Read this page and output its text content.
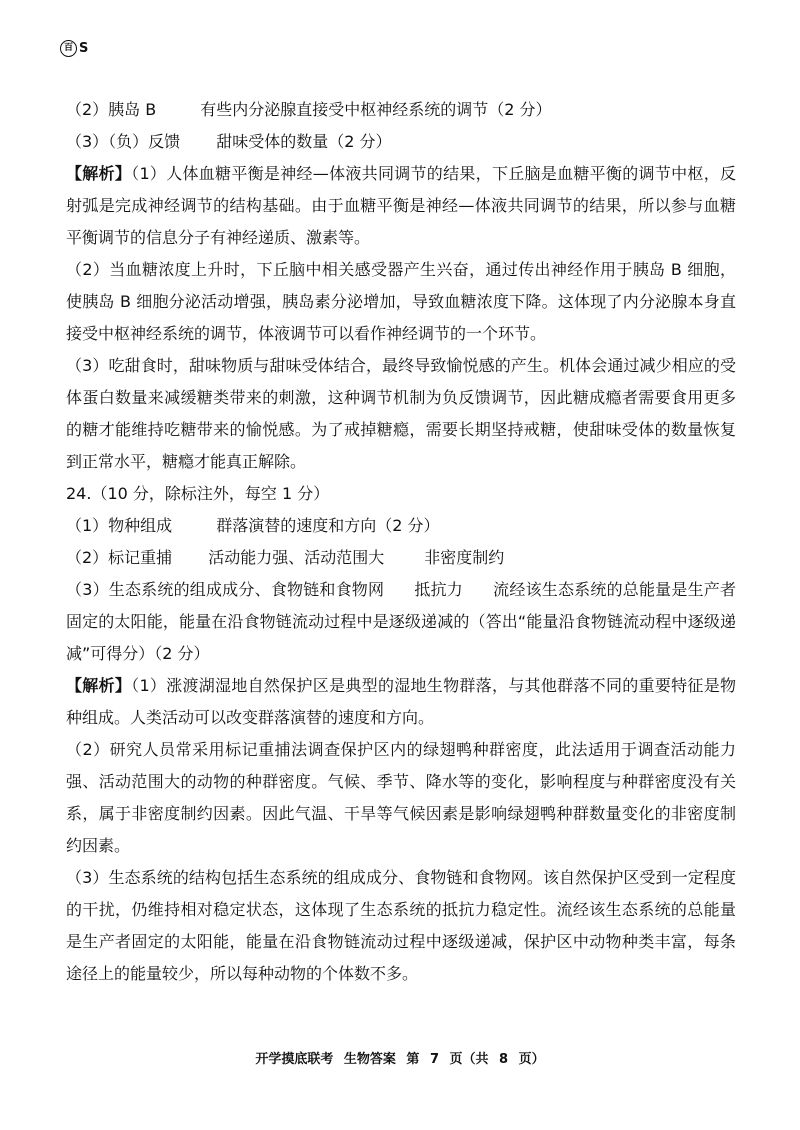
百 S

（2）胰岛 B	有些内分泌腺直接受中枢神经系统的调节（2 分）

（3）（负）反馈 甜味受体的数量（2 分）

【解析】（1）人体血糖平衡是神经—体液共同调节的结果，下丘脑是血糖平衡的调节中枢，反射弧是完成神经调节的结构基础。由于血糖平衡是神经—体液共同调节的结果，所以参与血糖平衡调节的信息分子有神经递质、激素等。

（2）当血糖浓度上升时，下丘脑中相关感受器产生兴奋，通过传出神经作用于胰岛 B 细胞，使胰岛 B 细胞分泌活动增强，胰岛素分泌增加，导致血糖浓度下降。这体现了内分泌腺本身直接受中枢神经系统的调节，体液调节可以看作神经调节的一个环节。

（3）吃甜食时，甜味物质与甜味受体结合，最终导致愉悦感的产生。机体会通过减少相应的受体蛋白数量来减缓糖类带来的刺激，这种调节机制为负反馈调节，因此糖成瘾者需要食用更多的糖才能维持吃糖带来的愉悦感。为了戒掉糖瘾，需要长期坚持戒糖，使甜味受体的数量恢复到正常水平，糖瘾才能真正解除。

24.（10 分，除标注外，每空 1 分）

（1）物种组成	群落演替的速度和方向（2 分）

（2）标记重捕 活动能力强、活动范围大	非密度制约

（3）生态系统的组成成分、食物链和食物网 抵抗力 流经该生态系统的总能量是生产者固定的太阳能，能量在沿食物链流动过程中是逐级递减的（答出“能量沿食物链流动程中逐级递减”可得分）（2 分）

【解析】（1）涨渡湖湿地自然保护区是典型的湿地生物群落，与其他群落不同的重要特征是物种组成。人类活动可以改变群落演替的速度和方向。

（2）研究人员常采用标记重捕法调查保护区内的绿翅鸭种群密度，此法适用于调查活动能力强、活动范围大的动物的种群密度。气候、季节、降水等的变化，影响程度与种群密度没有关系，属于非密度制约因素。因此气温、干旱等气候因素是影响绿翅鸭种群数量变化的非密度制约因素。

（3）生态系统的结构包括生态系统的组成成分、食物链和食物网。该自然保护区受到一定程度的干扰，仍维持相对稳定状态，这体现了生态系统的抵抗力稳定性。流经该生态系统的总能量是生产者固定的太阳能，能量在沿食物链流动过程中逐级递减，保护区中动物种类丰富，每条途径上的能量较少，所以每种动物的个体数不多。

开学摸底联考 生物答案 第 7 页（共 8 页）
